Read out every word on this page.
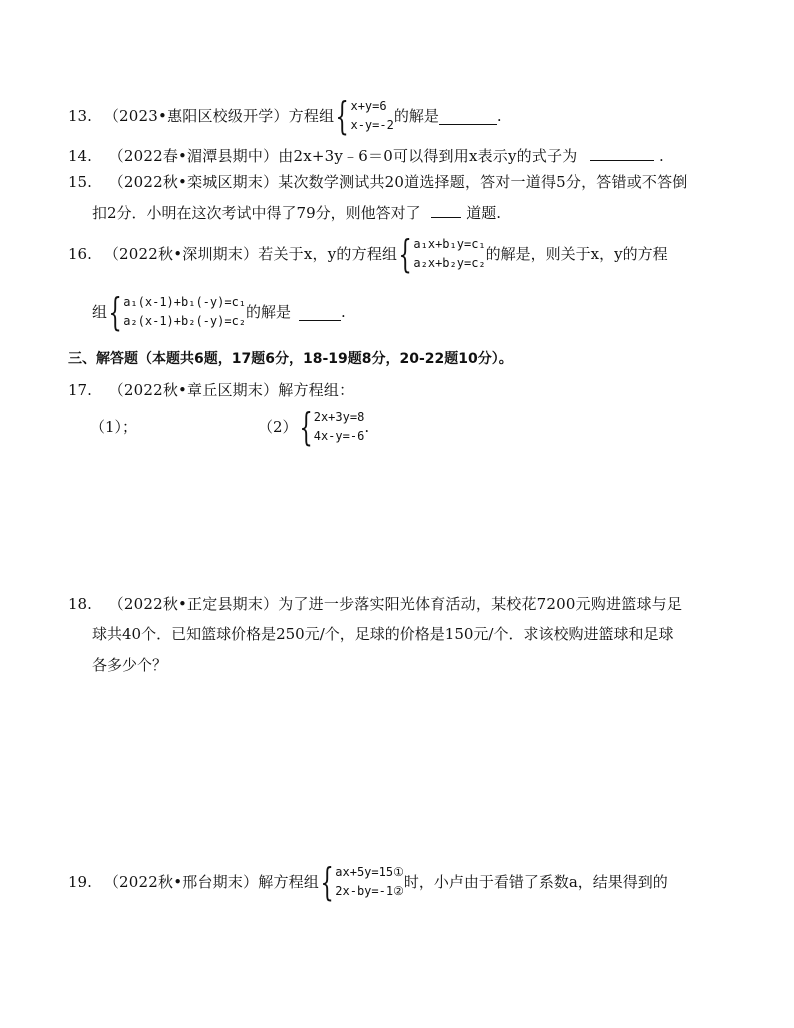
13. （2023•惠阳区校级开学）方程组 { x+y=6
x-y=-2 的解是	.
14. （2022春•湄潭县期中）由2x+3y﹣6＝0可以得到用x表示y的式子为	.
15. （2022秋•栾城区期末）某次数学测试共20道选择题，答对一道得5分，答错或不答倒
扣2分．小明在这次考试中得了79分，则他答对了	道题.
16. （2022秋•深圳期末）若关于x，y的方程组 { a₁x+b₁y=c₁
a₂x+b₂y=c₂ 的解是，则关于x，y的方程
组 { a₁(x-1)+b₁(-y)=c₁
a₂(x-1)+b₂(-y)=c₂ 的解是	.
三、解答题（本题共6题，17题6分，18-19题8分，20-22题10分）。
17. （2022秋•章丘区期末）解方程组：
（1）；	（2） { 2x+3y=8
4x-y=-6 .
18. （2022秋•正定县期末）为了进一步落实阳光体育活动，某校花7200元购进篮球与足
球共40个．已知篮球价格是250元/个，足球的价格是150元/个．求该校购进篮球和足球
各多少个？
19. （2022秋•邢台期末）解方程组 { ax+5y=15①
2x-by=-1② 时，小卢由于看错了系数a，结果得到的
